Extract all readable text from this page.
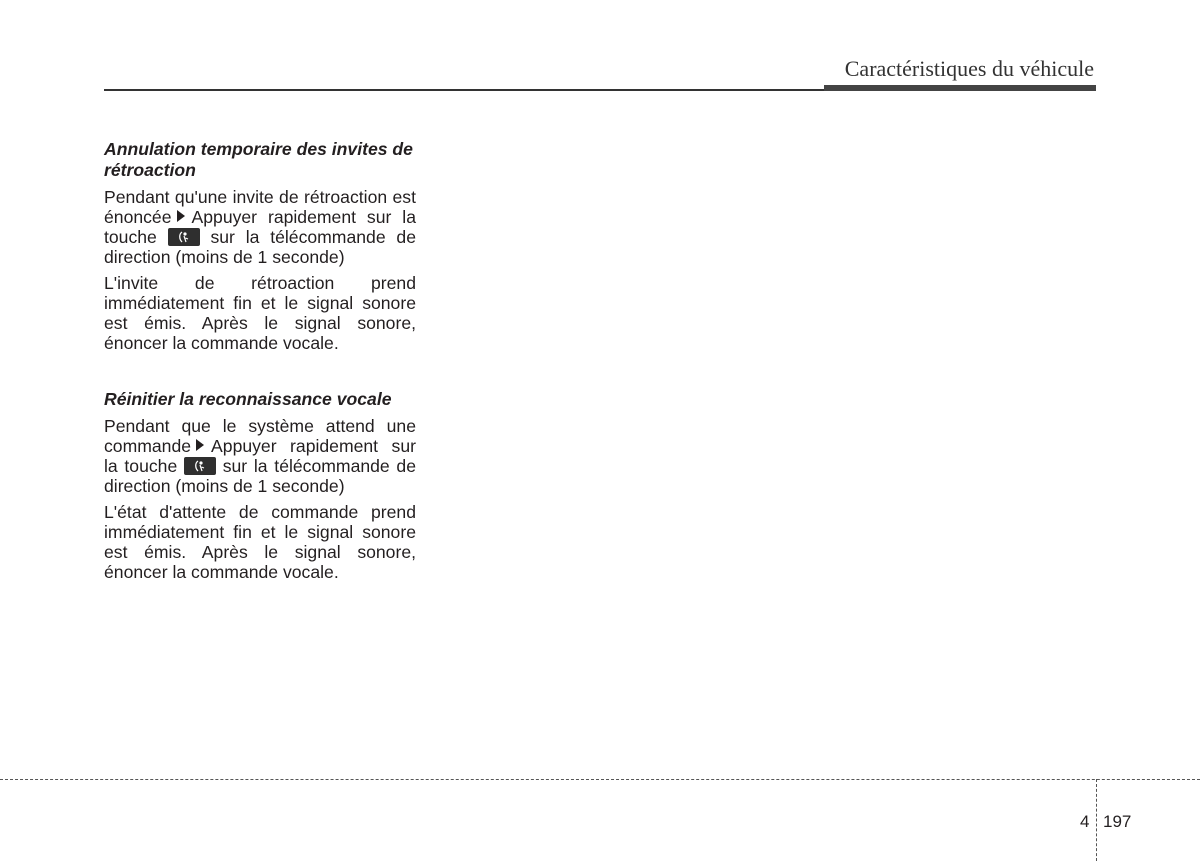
Caractéristiques du véhicule
Annulation temporaire des invites de rétroaction

Pendant qu'une invite de rétroaction est énoncée Appuyer rapidement sur la touche	sur la télécommande de direction (moins de 1 seconde)

L'invite de rétroaction prend immédiatement fin et le signal sonore est émis. Après le signal sonore, énoncer la commande vocale.

Réinitier la reconnaissance vocale

Pendant que le système attend une commande Appuyer rapidement sur la touche	sur la télécommande de direction (moins de 1 seconde)

L'état d'attente de commande prend immédiatement fin et le signal sonore est émis. Après le signal sonore, énoncer la commande vocale.

4 197
